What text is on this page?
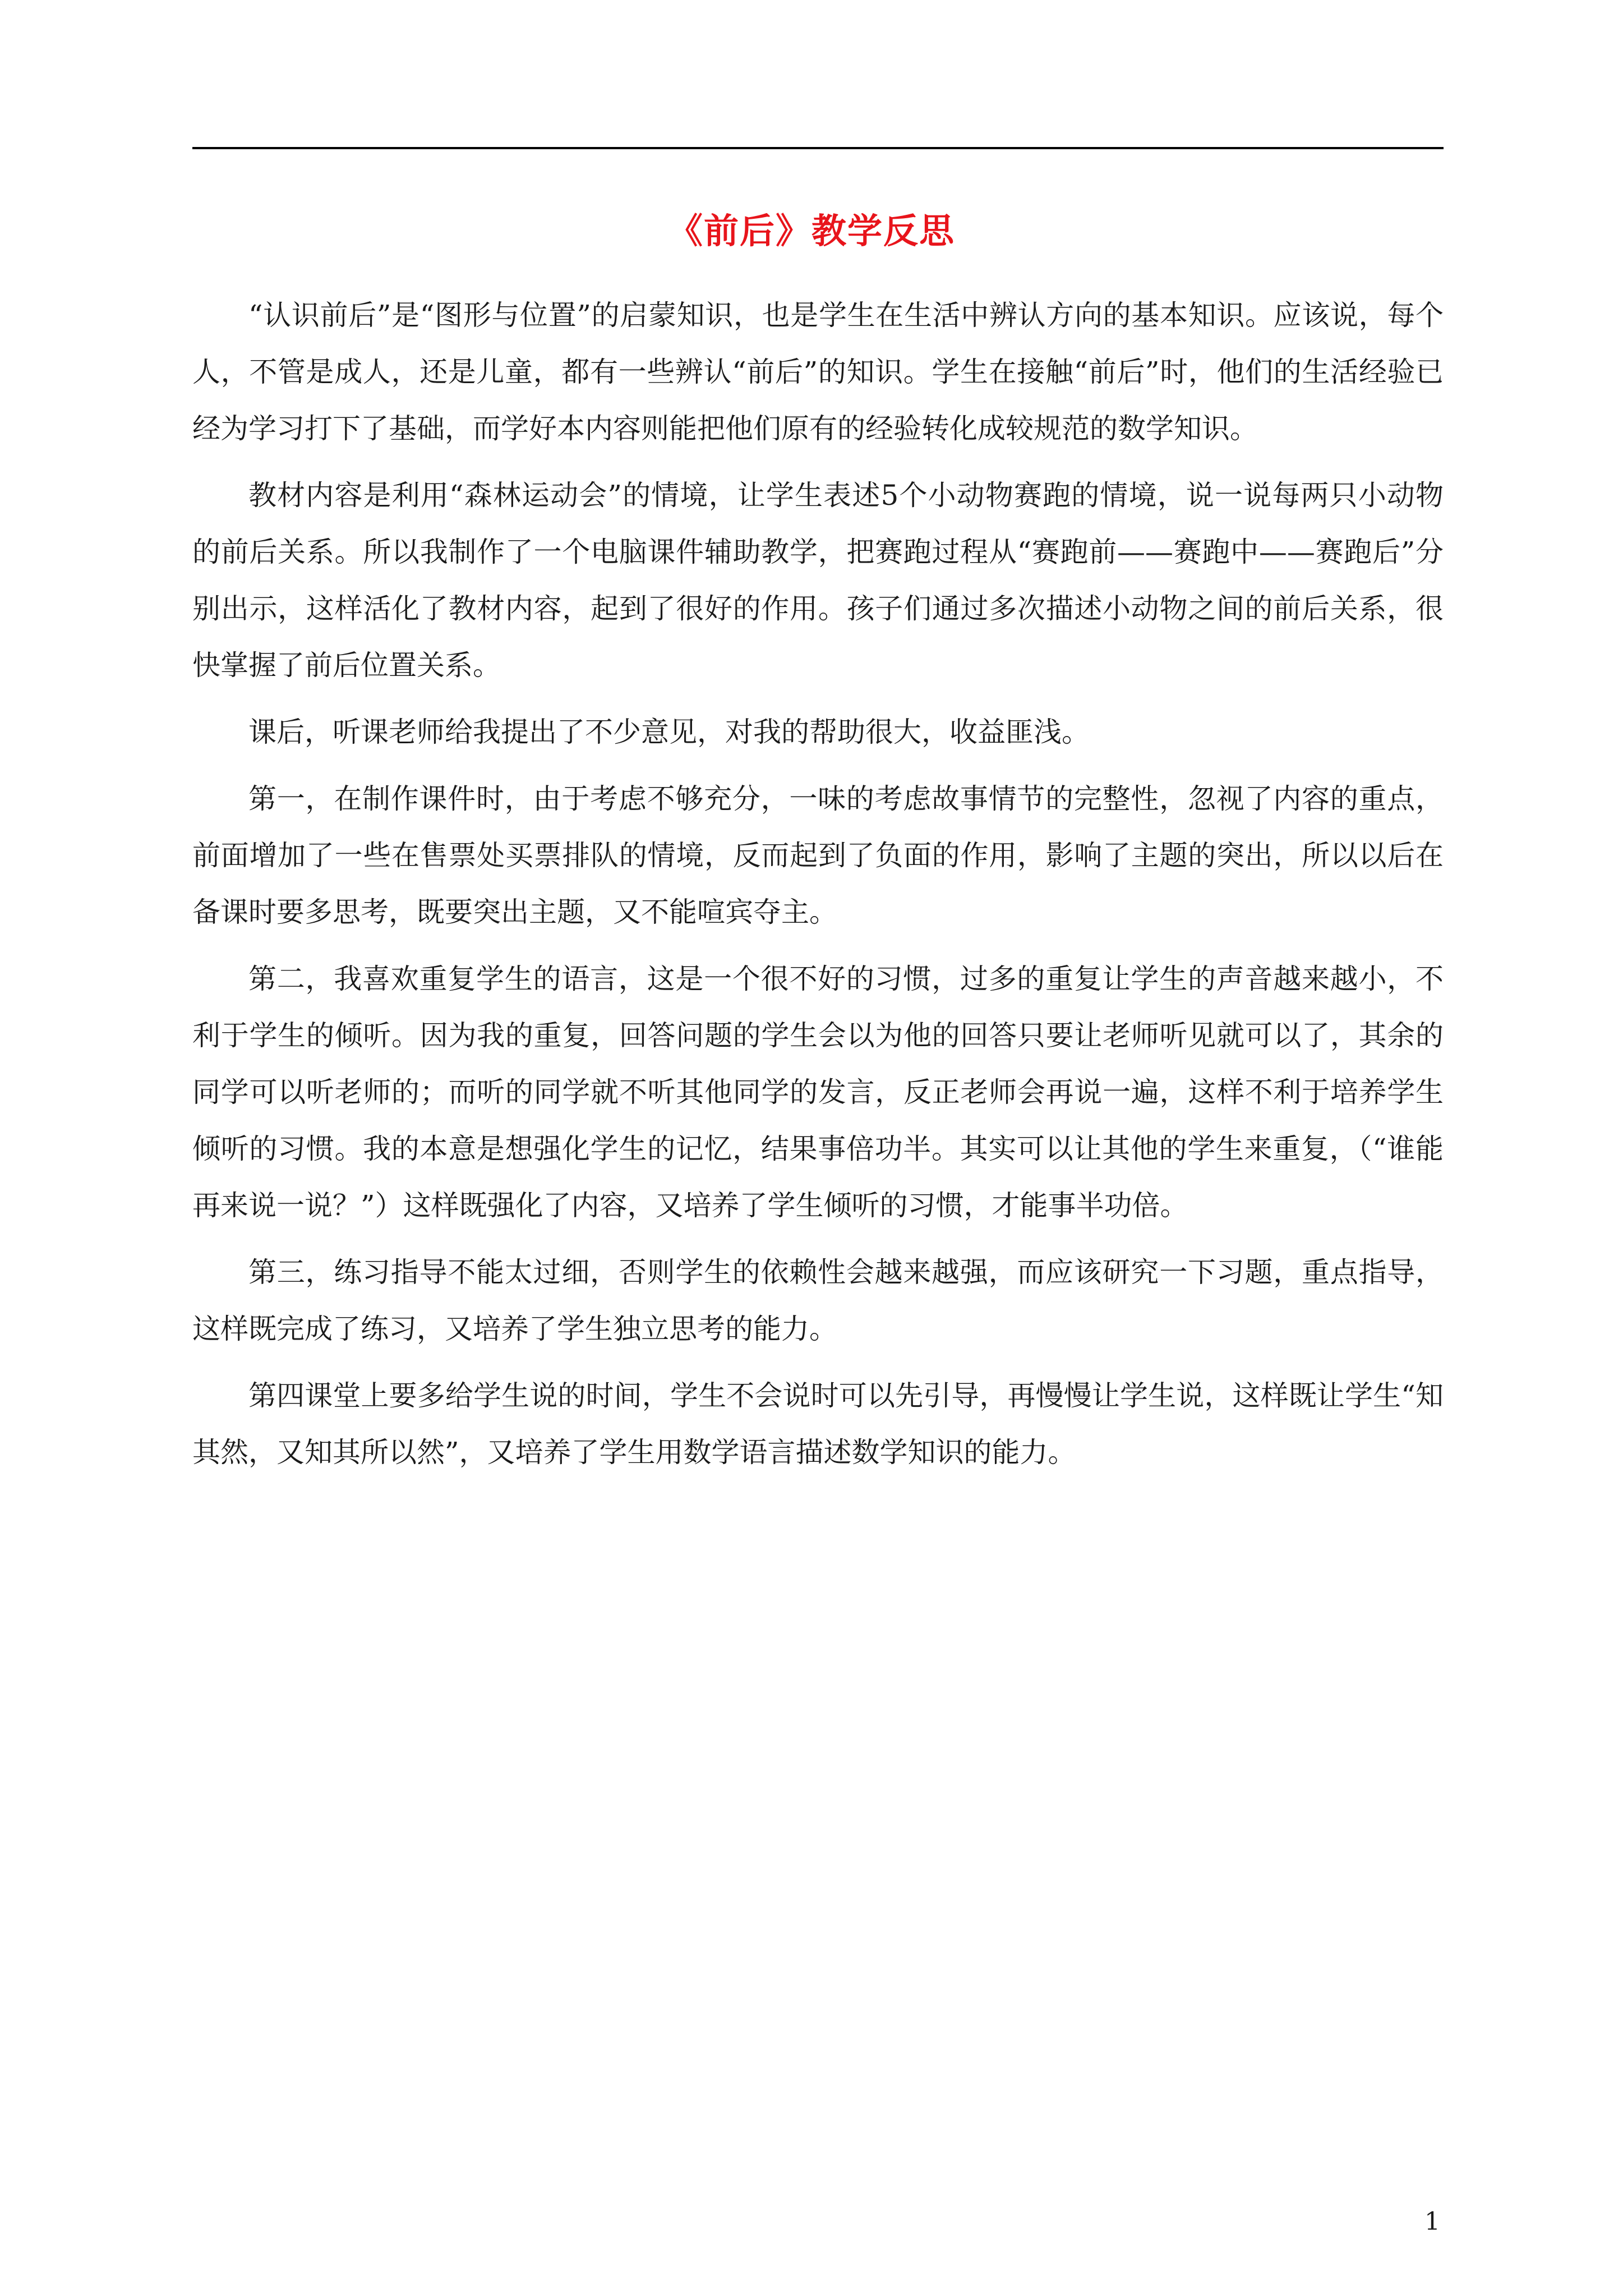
《前后》教学反思

“认识前后”是“图形与位置”的启蒙知识，也是学生在生活中辨认方向的基本知识。应该说，每个人，不管是成人，还是儿童，都有一些辨认“前后”的知识。学生在接触“前后”时，他们的生活经验已经为学习打下了基础，而学好本内容则能把他们原有的经验转化成较规范的数学知识。

教材内容是利用“森林运动会”的情境，让学生表述5个小动物赛跑的情境，说一说每两只小动物的前后关系。所以我制作了一个电脑课件辅助教学，把赛跑过程从“赛跑前——赛跑中——赛跑后”分别出示，这样活化了教材内容，起到了很好的作用。孩子们通过多次描述小动物之间的前后关系，很快掌握了前后位置关系。

课后，听课老师给我提出了不少意见，对我的帮助很大，收益匪浅。

第一，在制作课件时，由于考虑不够充分，一味的考虑故事情节的完整性，忽视了内容的重点，前面增加了一些在售票处买票排队的情境，反而起到了负面的作用，影响了主题的突出，所以以后在备课时要多思考，既要突出主题，又不能喧宾夺主。

第二，我喜欢重复学生的语言，这是一个很不好的习惯，过多的重复让学生的声音越来越小，不利于学生的倾听。因为我的重复，回答问题的学生会以为他的回答只要让老师听见就可以了，其余的同学可以听老师的；而听的同学就不听其他同学的发言，反正老师会再说一遍，这样不利于培养学生倾听的习惯。我的本意是想强化学生的记忆，结果事倍功半。其实可以让其他的学生来重复，（“谁能再来说一说？”）这样既强化了内容，又培养了学生倾听的习惯，才能事半功倍。

第三，练习指导不能太过细，否则学生的依赖性会越来越强，而应该研究一下习题，重点指导，这样既完成了练习，又培养了学生独立思考的能力。

第四课堂上要多给学生说的时间，学生不会说时可以先引导，再慢慢让学生说，这样既让学生“知其然，又知其所以然”，又培养了学生用数学语言描述数学知识的能力。

1
